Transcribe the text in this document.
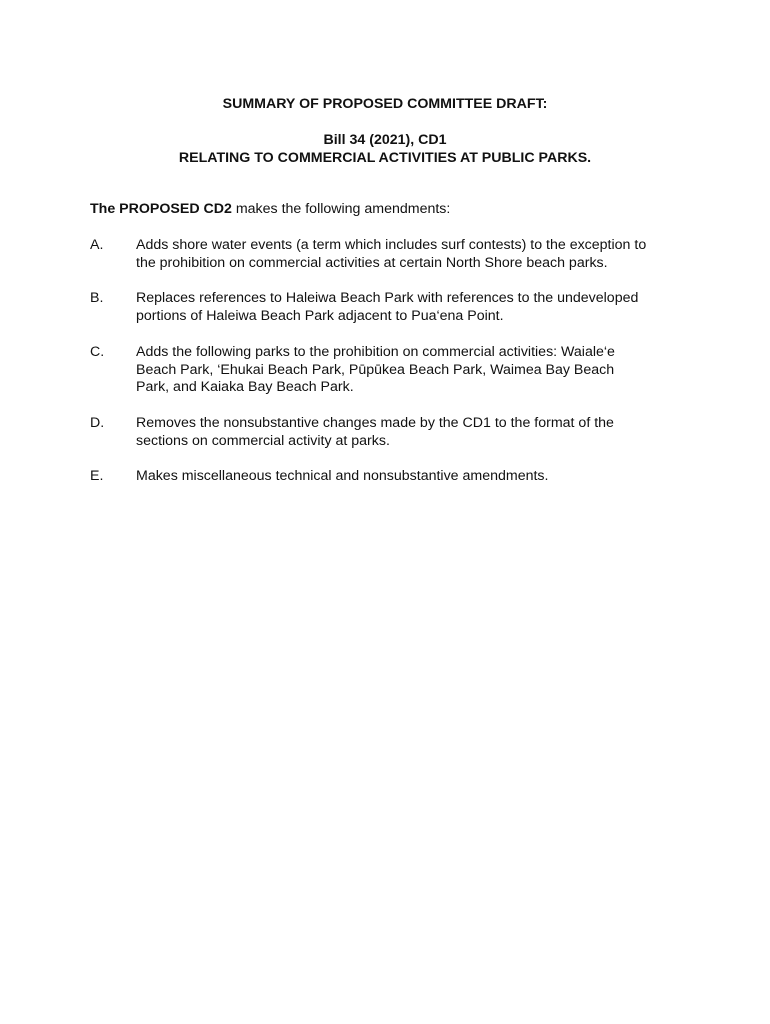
SUMMARY OF PROPOSED COMMITTEE DRAFT:

Bill 34 (2021), CD1

RELATING TO COMMERCIAL ACTIVITIES AT PUBLIC PARKS.

The PROPOSED CD2 makes the following amendments:

A. Adds shore water events (a term which includes surf contests) to the exception to
the prohibition on commercial activities at certain North Shore beach parks.
B. Replaces references to Haleiwa Beach Park with references to the undeveloped
portions of Haleiwa Beach Park adjacent to Pua‘ena Point.
C. Adds the following parks to the prohibition on commercial activities: Waiale‘e
Beach Park, ‘Ehukai Beach Park, Pūpūkea Beach Park, Waimea Bay Beach
Park, and Kaiaka Bay Beach Park.
D. Removes the nonsubstantive changes made by the CD1 to the format of the
sections on commercial activity at parks.
E. Makes miscellaneous technical and nonsubstantive amendments.
